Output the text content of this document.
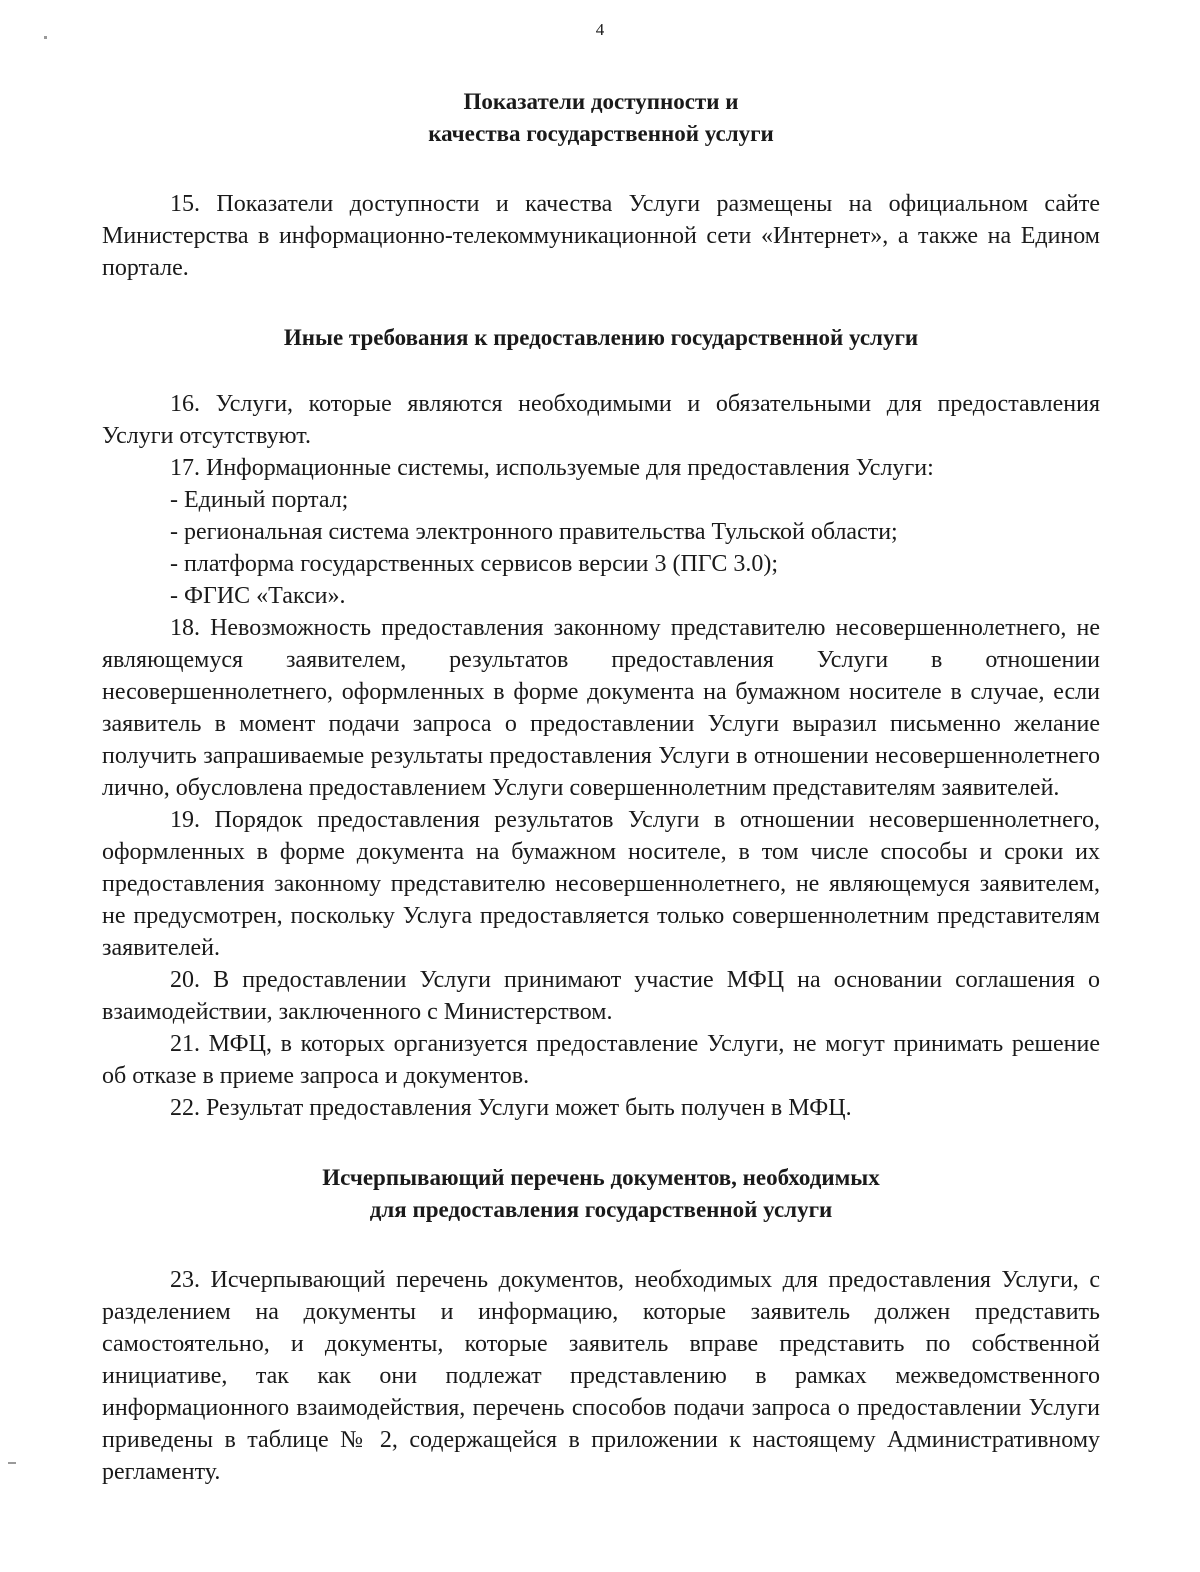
4
Показатели доступности и
качества государственной услуги

15. Показатели доступности и качества Услуги размещены на официальном сайте Министерства в информационно-телекоммуникационной сети «Интернет», а также на Едином портале.

Иные требования к предоставлению государственной услуги

16. Услуги, которые являются необходимыми и обязательными для предоставления Услуги отсутствуют.

17. Информационные системы, используемые для предоставления Услуги:

- Единый портал;

- региональная система электронного правительства Тульской области;

- платформа государственных сервисов версии 3 (ПГС 3.0);

- ФГИС «Такси».

18. Невозможность предоставления законному представителю несовершеннолетнего, не являющемуся заявителем, результатов предоставления Услуги в отношении несовершеннолетнего, оформленных в форме документа на бумажном носителе в случае, если заявитель в момент подачи запроса о предоставлении Услуги выразил письменно желание получить запрашиваемые результаты предоставления Услуги в отношении несовершеннолетнего лично, обусловлена предоставлением Услуги совершеннолетним представителям заявителей.

19. Порядок предоставления результатов Услуги в отношении несовершеннолетнего, оформленных в форме документа на бумажном носителе, в том числе способы и сроки их предоставления законному представителю несовершеннолетнего, не являющемуся заявителем, не предусмотрен, поскольку Услуга предоставляется только совершеннолетним представителям заявителей.

20. В предоставлении Услуги принимают участие МФЦ на основании соглашения о взаимодействии, заключенного с Министерством.

21. МФЦ, в которых организуется предоставление Услуги, не могут принимать решение об отказе в приеме запроса и документов.

22. Результат предоставления Услуги может быть получен в МФЦ.

Исчерпывающий перечень документов, необходимых
для предоставления государственной услуги

23. Исчерпывающий перечень документов, необходимых для предоставления Услуги, с разделением на документы и информацию, которые заявитель должен представить самостоятельно, и документы, которые заявитель вправе представить по собственной инициативе, так как они подлежат представлению в рамках межведомственного информационного взаимодействия, перечень способов подачи запроса о предоставлении Услуги приведены в таблице № 2, содержащейся в приложении к настоящему Административному регламенту.
